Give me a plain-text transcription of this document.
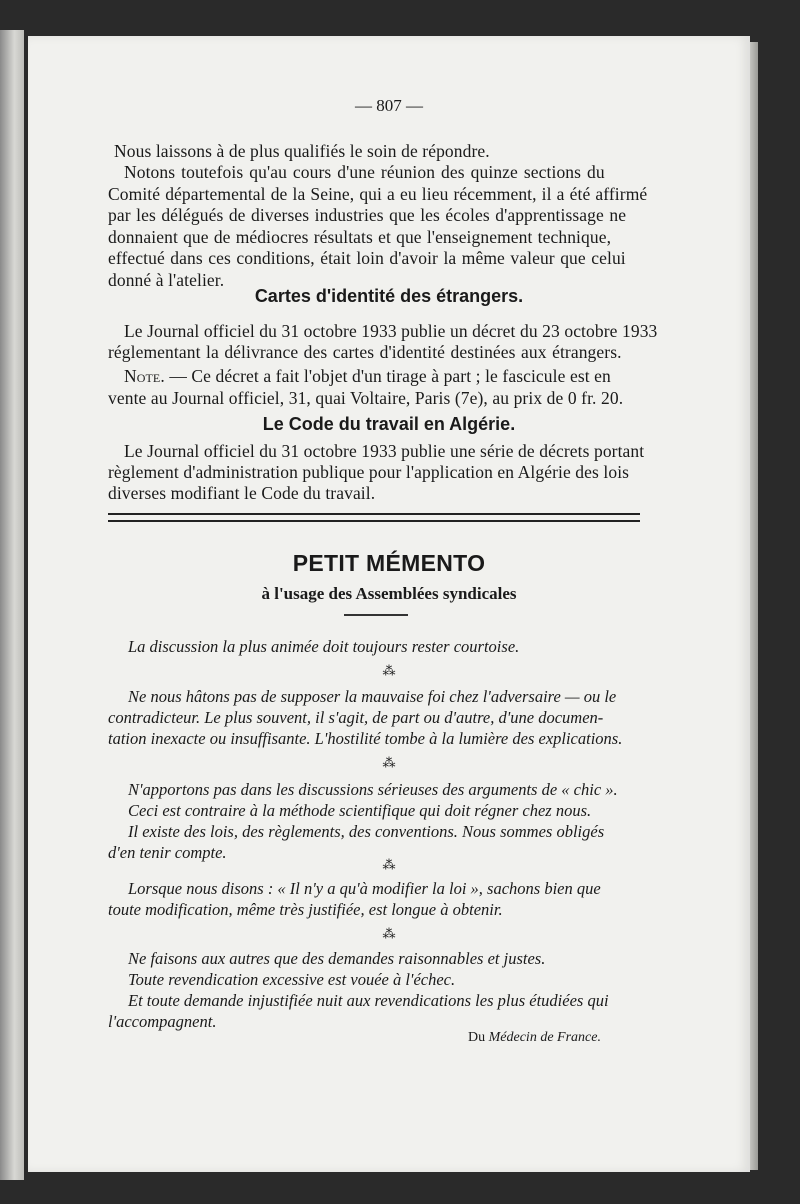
— 807 —
Nous laissons à de plus qualifiés le soin de répondre.
Notons toutefois qu'au cours d'une réunion des quinze sections du
Comité départemental de la Seine, qui a eu lieu récemment, il a été affirmé
par les délégués de diverses industries que les écoles d'apprentissage ne
donnaient que de médiocres résultats et que l'enseignement technique,
effectué dans ces conditions, était loin d'avoir la même valeur que celui
donné à l'atelier.
Cartes d'identité des étrangers.
Le Journal officiel du 31 octobre 1933 publie un décret du 23 octobre 1933
réglementant la délivrance des cartes d'identité destinées aux étrangers.
Note. — Ce décret a fait l'objet d'un tirage à part ; le fascicule est en
vente au Journal officiel, 31, quai Voltaire, Paris (7e), au prix de 0 fr. 20.
Le Code du travail en Algérie.
Le Journal officiel du 31 octobre 1933 publie une série de décrets portant
règlement d'administration publique pour l'application en Algérie des lois
diverses modifiant le Code du travail.
PETIT MÉMENTO
à l'usage des Assemblées syndicales
La discussion la plus animée doit toujours rester courtoise.
⁂
Ne nous hâtons pas de supposer la mauvaise foi chez l'adversaire — ou le
contradicteur. Le plus souvent, il s'agit, de part ou d'autre, d'une documen-
tation inexacte ou insuffisante. L'hostilité tombe à la lumière des explications.
⁂
N'apportons pas dans les discussions sérieuses des arguments de « chic ».
Ceci est contraire à la méthode scientifique qui doit régner chez nous.
Il existe des lois, des règlements, des conventions. Nous sommes obligés
d'en tenir compte.
⁂
Lorsque nous disons : « Il n'y a qu'à modifier la loi », sachons bien que
toute modification, même très justifiée, est longue à obtenir.
⁂
Ne faisons aux autres que des demandes raisonnables et justes.
Toute revendication excessive est vouée à l'échec.
Et toute demande injustifiée nuit aux revendications les plus étudiées qui
l'accompagnent.
Du Médecin de France.
